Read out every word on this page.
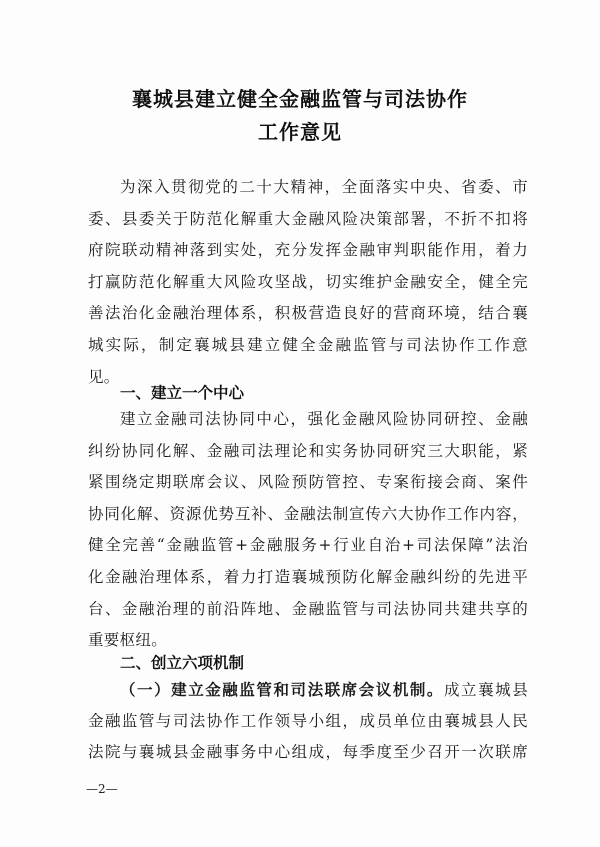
襄城县建立健全金融监管与司法协作
工作意见
为深入贯彻党的二十大精神，全面落实中央、省委、市
委、县委关于防范化解重大金融风险决策部署，不折不扣将
府院联动精神落到实处，充分发挥金融审判职能作用，着力
打赢防范化解重大风险攻坚战，切实维护金融安全，健全完
善法治化金融治理体系，积极营造良好的营商环境，结合襄
城实际，制定襄城县建立健全金融监管与司法协作工作意
见。
一、建立一个中心
建立金融司法协同中心，强化金融风险协同研控、金融
纠纷协同化解、金融司法理论和实务协同研究三大职能，紧
紧围绕定期联席会议、风险预防管控、专案衔接会商、案件
协同化解、资源优势互补、金融法制宣传六大协作工作内容，
健全完善“金融监管+金融服务+行业自治+司法保障”法治
化金融治理体系，着力打造襄城预防化解金融纠纷的先进平
台、金融治理的前沿阵地、金融监管与司法协同共建共享的
重要枢纽。
二、创立六项机制
（一）建立金融监管和司法联席会议机制。成立襄城县
金融监管与司法协作工作领导小组，成员单位由襄城县人民
法院与襄城县金融事务中心组成，每季度至少召开一次联席
—2—
